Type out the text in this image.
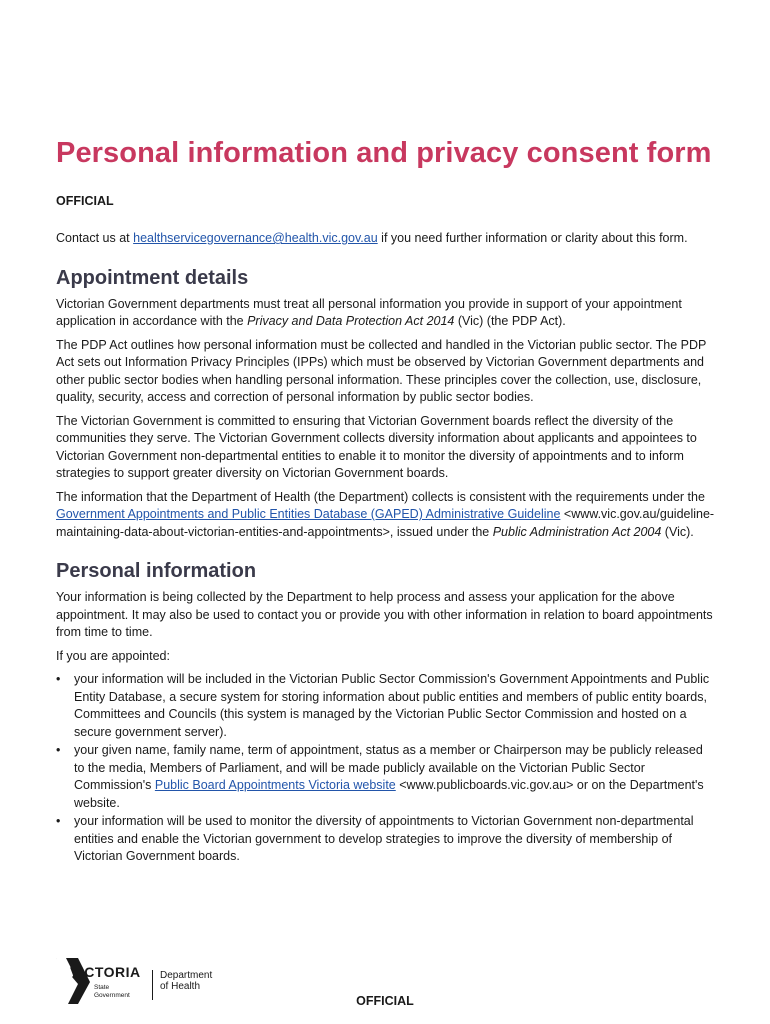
Personal information and privacy consent form
OFFICIAL

Contact us at healthservicegovernance@health.vic.gov.au if you need further information or clarity about this form.

Appointment details

Victorian Government departments must treat all personal information you provide in support of your appointment application in accordance with the Privacy and Data Protection Act 2014 (Vic) (the PDP Act).

The PDP Act outlines how personal information must be collected and handled in the Victorian public sector. The PDP Act sets out Information Privacy Principles (IPPs) which must be observed by Victorian Government departments and other public sector bodies when handling personal information. These principles cover the collection, use, disclosure, quality, security, access and correction of personal information by public sector bodies.

The Victorian Government is committed to ensuring that Victorian Government boards reflect the diversity of the communities they serve. The Victorian Government collects diversity information about applicants and appointees to Victorian Government non-departmental entities to enable it to monitor the diversity of appointments and to inform strategies to support greater diversity on Victorian Government boards.

The information that the Department of Health (the Department) collects is consistent with the requirements under the Government Appointments and Public Entities Database (GAPED) Administrative Guideline <www.vic.gov.au/guideline-maintaining-data-about-victorian-entities-and-appointments>, issued under the Public Administration Act 2004 (Vic).

Personal information

Your information is being collected by the Department to help process and assess your application for the above appointment. It may also be used to contact you or provide you with other information in relation to board appointments from time to time.

If you are appointed:

• your information will be included in the Victorian Public Sector Commission's Government Appointments and Public Entity Database, a secure system for storing information about public entities and members of public entity boards, Committees and Councils (this system is managed by the Victorian Public Sector Commission and hosted on a secure government server).
• your given name, family name, term of appointment, status as a member or Chairperson may be publicly released to the media, Members of Parliament, and will be made publicly available on the Victorian Public Sector Commission's Public Board Appointments Victoria website <www.publicboards.vic.gov.au> or on the Department's website.
• your information will be used to monitor the diversity of appointments to Victorian Government non-departmental entities and enable the Victorian government to develop strategies to improve the diversity of membership of Victorian Government boards.
VICTORIA
State
Government
Department
of Health
OFFICIAL
